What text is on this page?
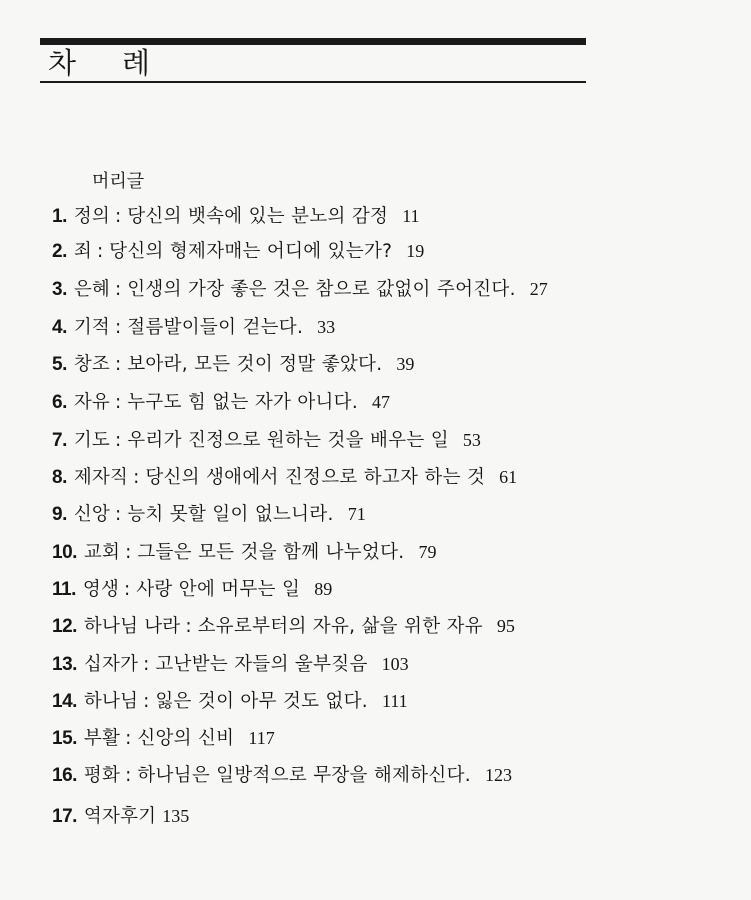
차 례
머리글
1. 정의 : 당신의 뱃속에 있는 분노의 감정 11
2. 죄 : 당신의 형제자매는 어디에 있는가? 19
3. 은혜 : 인생의 가장 좋은 것은 참으로 값없이 주어진다. 27
4. 기적 : 절름발이들이 걷는다. 33
5. 창조 : 보아라, 모든 것이 정말 좋았다. 39
6. 자유 : 누구도 힘 없는 자가 아니다. 47
7. 기도 : 우리가 진정으로 원하는 것을 배우는 일 53
8. 제자직 : 당신의 생애에서 진정으로 하고자 하는 것 61
9. 신앙 : 능치 못할 일이 없느니라. 71
10. 교회 : 그들은 모든 것을 함께 나누었다. 79
11. 영생 : 사랑 안에 머무는 일 89
12. 하나님 나라 : 소유로부터의 자유, 삶을 위한 자유 95
13. 십자가 : 고난받는 자들의 울부짖음 103
14. 하나님 : 잃은 것이 아무 것도 없다. 111
15. 부활 : 신앙의 신비 117
16. 평화 : 하나님은 일방적으로 무장을 해제하신다. 123
17. 역자후기 135
